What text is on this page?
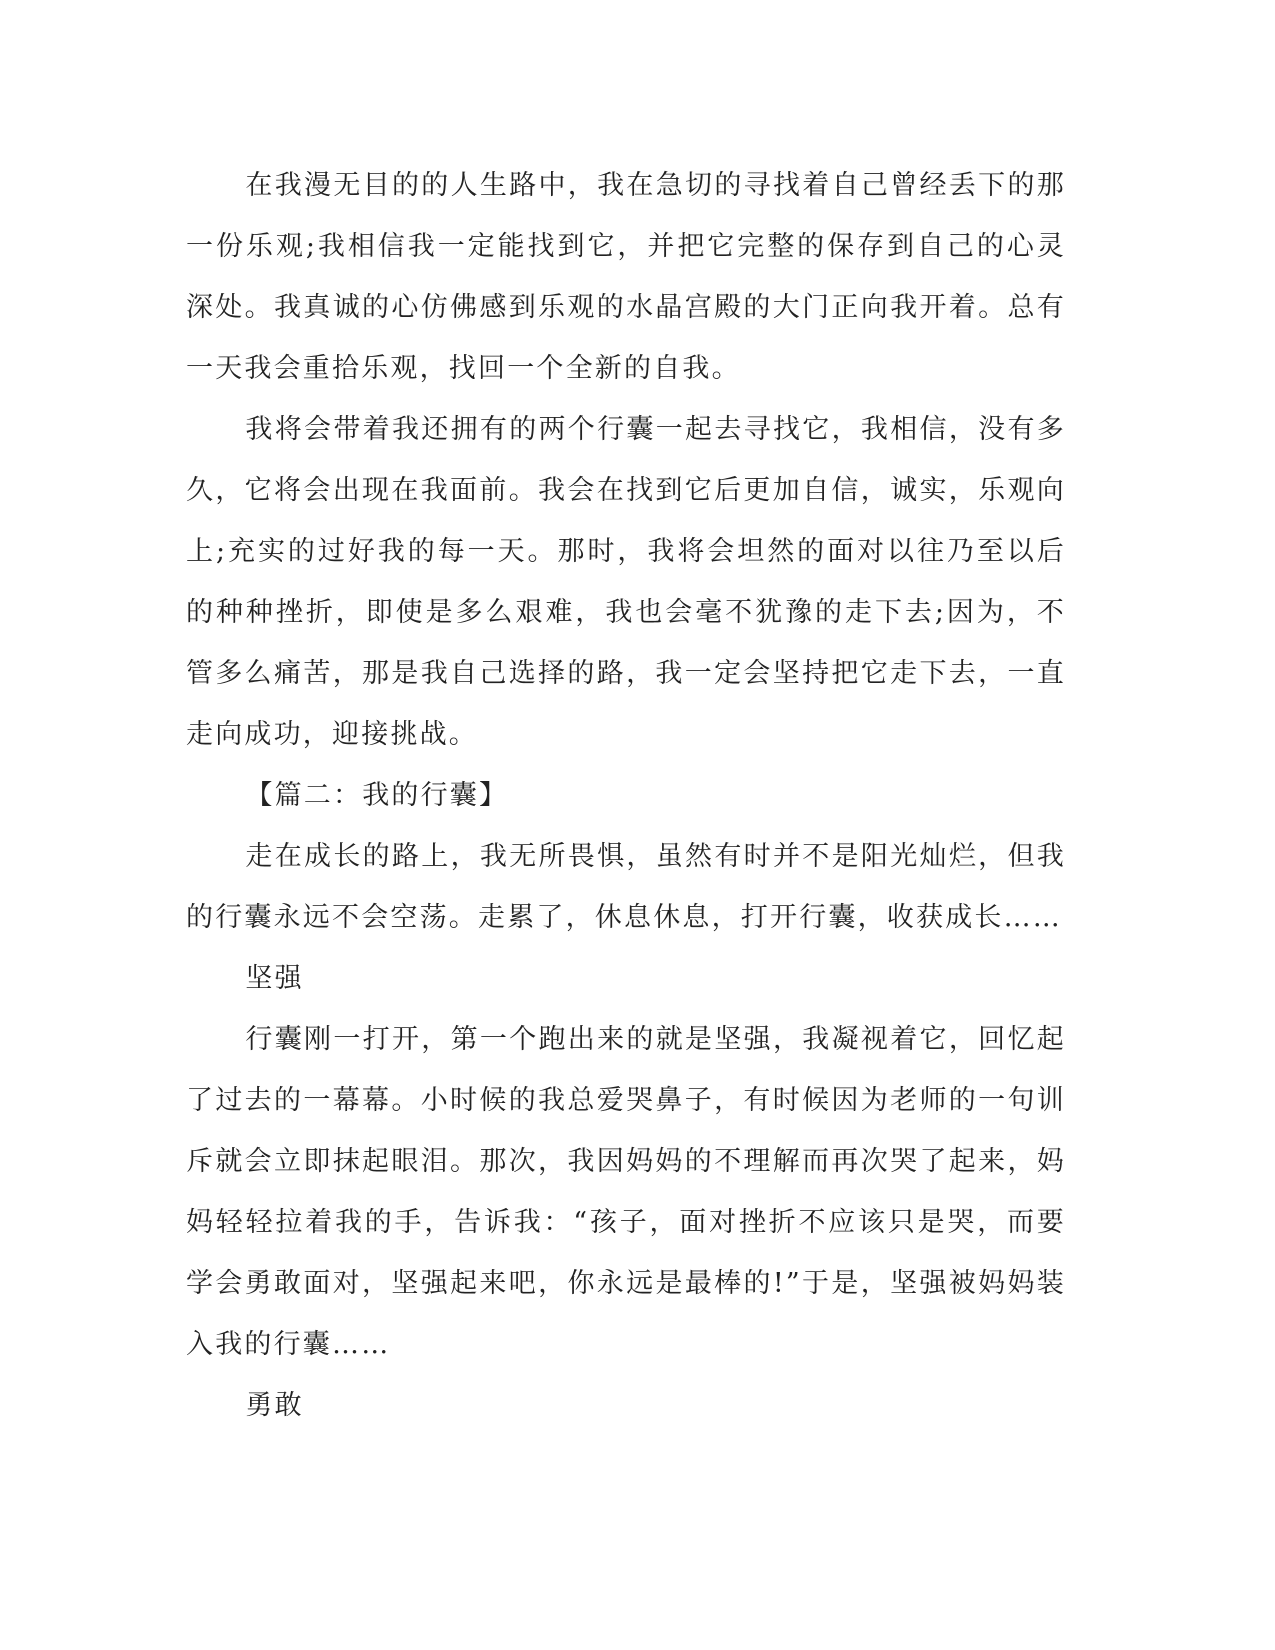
在我漫无目的的人生路中，我在急切的寻找着自己曾经丢下的那一份乐观;我相信我一定能找到它，并把它完整的保存到自己的心灵深处。我真诚的心仿佛感到乐观的水晶宫殿的大门正向我开着。总有一天我会重拾乐观，找回一个全新的自我。

我将会带着我还拥有的两个行囊一起去寻找它，我相信，没有多久，它将会出现在我面前。我会在找到它后更加自信，诚实，乐观向上;充实的过好我的每一天。那时，我将会坦然的面对以往乃至以后的种种挫折，即使是多么艰难，我也会毫不犹豫的走下去;因为，不管多么痛苦，那是我自己选择的路，我一定会坚持把它走下去，一直走向成功，迎接挑战。

【篇二：我的行囊】

走在成长的路上，我无所畏惧，虽然有时并不是阳光灿烂，但我的行囊永远不会空荡。走累了，休息休息，打开行囊，收获成长……

坚强

行囊刚一打开，第一个跑出来的就是坚强，我凝视着它，回忆起了过去的一幕幕。小时候的我总爱哭鼻子，有时候因为老师的一句训斥就会立即抹起眼泪。那次，我因妈妈的不理解而再次哭了起来，妈妈轻轻拉着我的手，告诉我：“孩子，面对挫折不应该只是哭，而要学会勇敢面对，坚强起来吧，你永远是最棒的!”于是，坚强被妈妈装入我的行囊……

勇敢
